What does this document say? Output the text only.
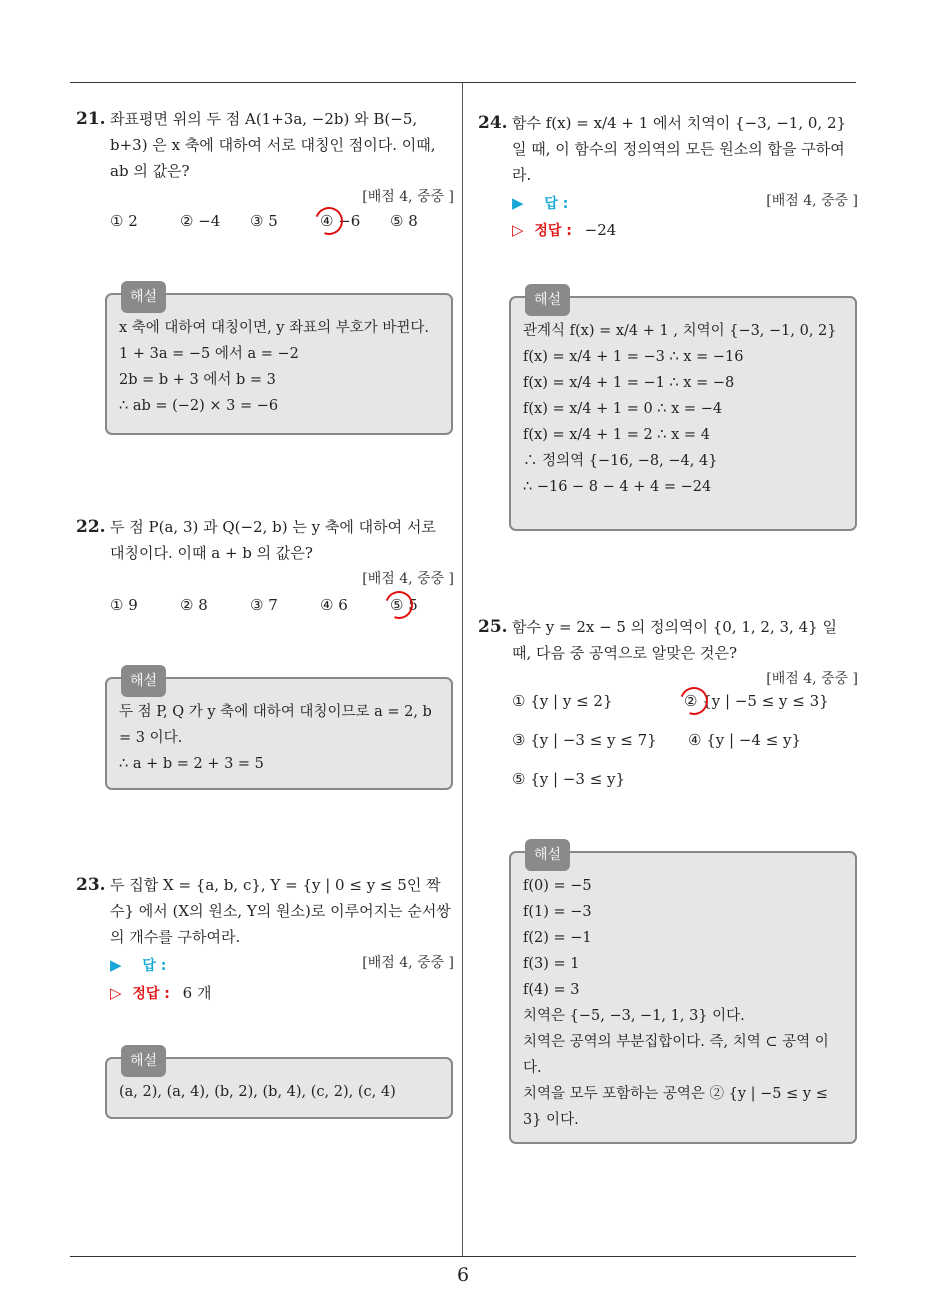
6
21. 좌표평면 위의 두 점 A(1+3a, −2b) 와 B(−5, b+3) 은 x 축에 대하여 서로 대칭인 점이다. 이때, ab 의 값은?
[배점 4, 중중 ]
① 2	② −4 ③ 5	④ −6 ⑤ 8
해설
x 축에 대하여 대칭이면, y 좌표의 부호가 바뀐다.
1 + 3a = −5 에서 a = −2
2b = b + 3 에서 b = 3
∴ ab = (−2) × 3 = −6
22. 두 점 P(a, 3) 과 Q(−2, b) 는 y 축에 대하여 서로 대칭이다. 이때 a + b 의 값은?
[배점 4, 중중 ]
① 9	② 8	③ 7	④ 6	⑤ 5
해설
두 점 P, Q 가 y 축에 대하여 대칭이므로 a = 2, b = 3 이다.
∴ a + b = 2 + 3 = 5
23. 두 집합 X = {a, b, c}, Y = {y | 0 ≤ y ≤ 5인 짝수} 에서 (X의 원소, Y의 원소)로 이루어지는 순서쌍의 개수를 구하여라.
[배점 4, 중중 ]
▶ 답 :
▷ 정답 : 6 개
해설
(a, 2), (a, 4), (b, 2), (b, 4), (c, 2), (c, 4)
24. 함수 f(x) = x/4 + 1 에서 치역이 {−3, −1, 0, 2} 일 때, 이 함수의 정의역의 모든 원소의 합을 구하여라.
[배점 4, 중중 ]
▶ 답 :
▷ 정답 : −24
해설
관계식 f(x) = x/4 + 1 , 치역이 {−3, −1, 0, 2}
f(x) = x/4 + 1 = −3 ∴ x = −16
f(x) = x/4 + 1 = −1 ∴ x = −8
f(x) = x/4 + 1 = 0 ∴ x = −4
f(x) = x/4 + 1 = 2 ∴ x = 4
∴ 정의역 {−16, −8, −4, 4}
∴ −16 − 8 − 4 + 4 = −24
25. 함수 y = 2x − 5 의 정의역이 {0, 1, 2, 3, 4} 일 때, 다음 중 공역으로 알맞은 것은?
[배점 4, 중중 ]
① {y | y ≤ 2}	② {y | −5 ≤ y ≤ 3}
③ {y | −3 ≤ y ≤ 7} ④ {y | −4 ≤ y}
⑤ {y | −3 ≤ y}
해설
f(0) = −5
f(1) = −3
f(2) = −1
f(3) = 1
f(4) = 3
치역은 {−5, −3, −1, 1, 3} 이다.
치역은 공역의 부분집합이다. 즉, 치역 ⊂ 공역 이다.
치역을 모두 포함하는 공역은 ② {y | −5 ≤ y ≤ 3} 이다.
